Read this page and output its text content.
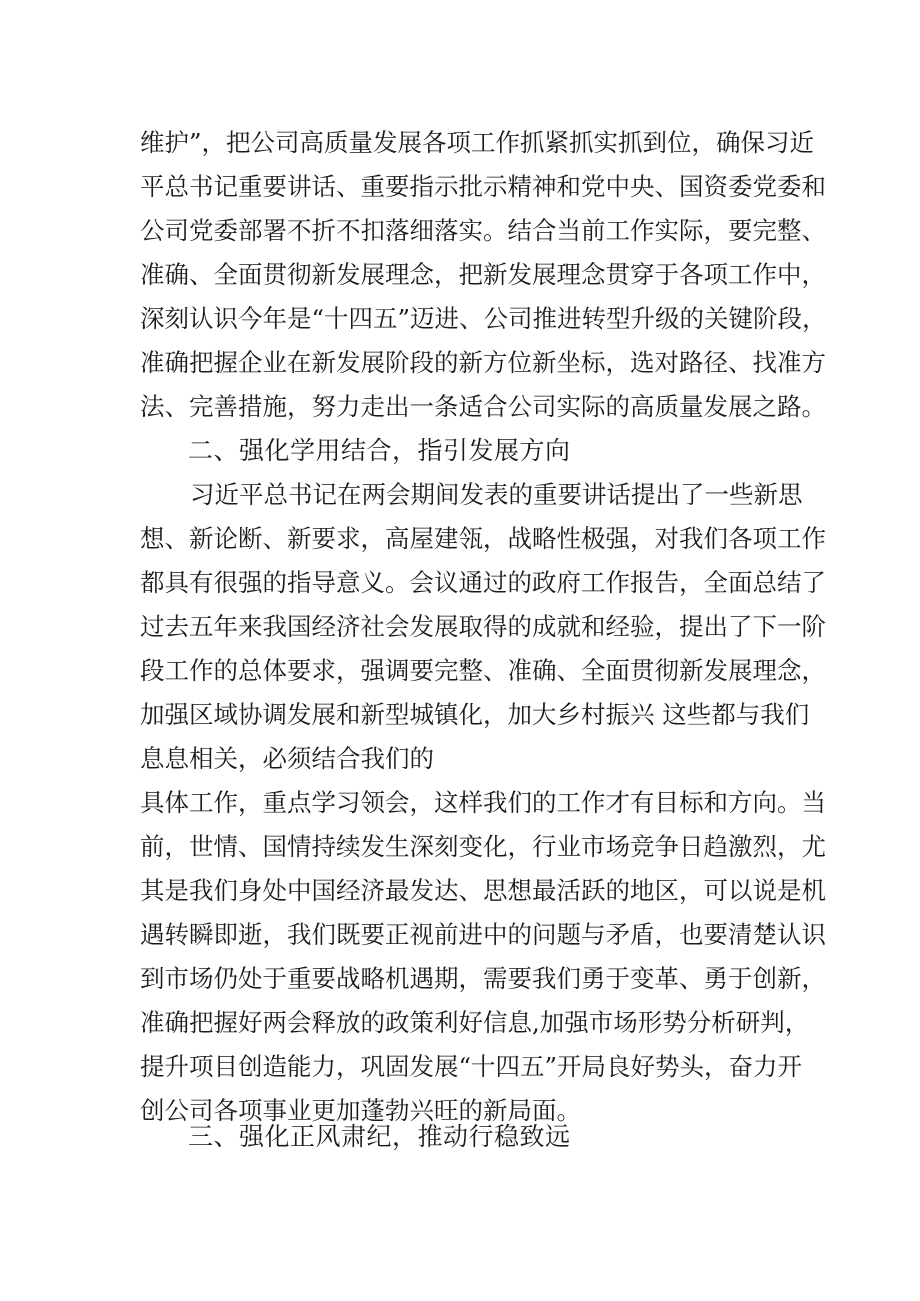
维护”，把公司高质量发展各项工作抓紧抓实抓到位，确保习近
平总书记重要讲话、重要指示批示精神和党中央、国资委党委和
公司党委部署不折不扣落细落实。结合当前工作实际，要完整、
准确、全面贯彻新发展理念，把新发展理念贯穿于各项工作中，
深刻认识今年是“十四五”迈进、公司推进转型升级的关键阶段，
准确把握企业在新发展阶段的新方位新坐标，选对路径、找准方
法、完善措施，努力走出一条适合公司实际的高质量发展之路。
二、强化学用结合，指引发展方向
习近平总书记在两会期间发表的重要讲话提出了一些新思
想、新论断、新要求，高屋建瓴，战略性极强，对我们各项工作
都具有很强的指导意义。会议通过的政府工作报告，全面总结了
过去五年来我国经济社会发展取得的成就和经验，提出了下一阶
段工作的总体要求，强调要完整、准确、全面贯彻新发展理念，
加强区域协调发展和新型城镇化，加大乡村振兴 这些都与我们
息息相关，必须结合我们的
具体工作，重点学习领会，这样我们的工作才有目标和方向。当
前，世情、国情持续发生深刻变化，行业市场竞争日趋激烈，尤
其是我们身处中国经济最发达、思想最活跃的地区，可以说是机
遇转瞬即逝，我们既要正视前进中的问题与矛盾，也要清楚认识
到市场仍处于重要战略机遇期，需要我们勇于变革、勇于创新，
准确把握好两会释放的政策利好信息,加强市场形势分析研判，
提升项目创造能力，巩固发展“十四五”开局良好势头，奋力开
创公司各项事业更加蓬勃兴旺的新局面。
三、强化正风肃纪，推动行稳致远
